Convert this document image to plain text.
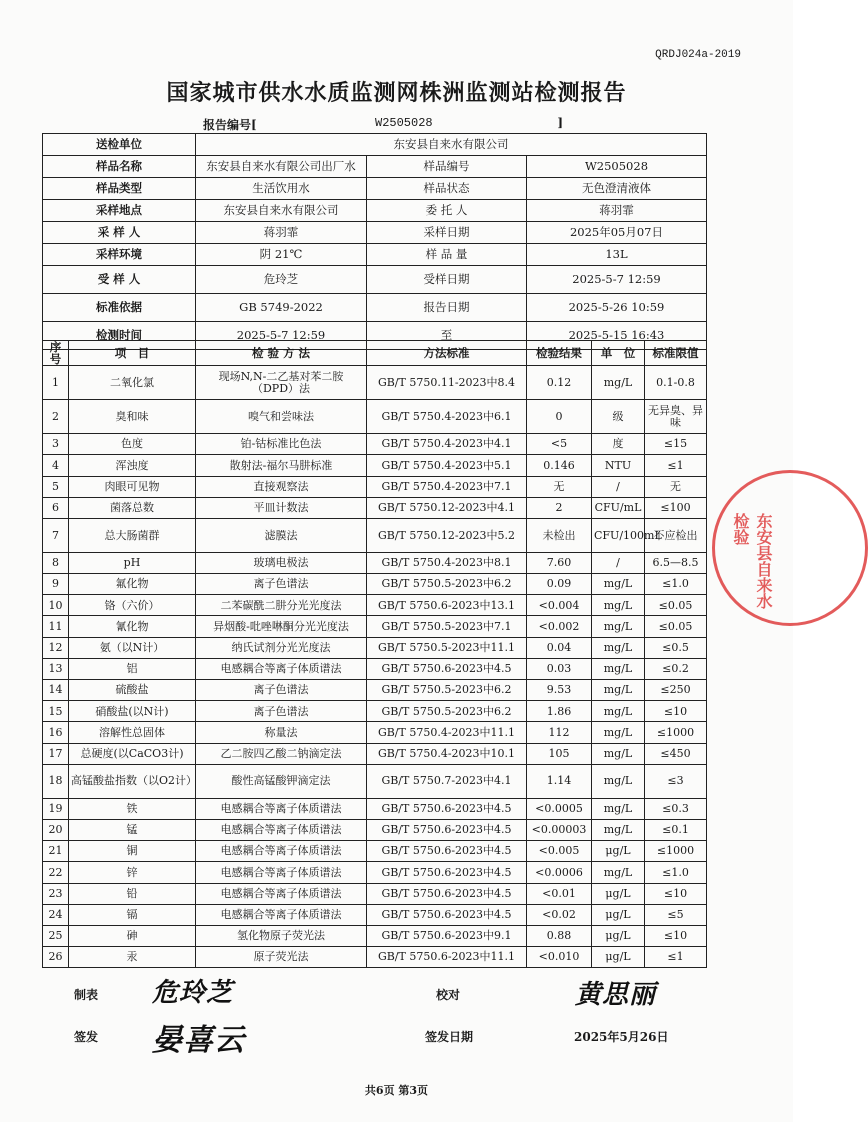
QRDJ024a-2019
国家城市供水水质监测网株洲监测站检测报告
报告编号[	W2505028	]
送检单位	东安县自来水有限公司		
样品名称	东安县自来水有限公司出厂水	样品编号	W2505028
样品类型	生活饮用水	样品状态	无色澄清液体
采样地点	东安县自来水有限公司	委 托 人	蒋羽霏
采 样 人	蒋羽霏	采样日期	2025年05月07日
采样环境	阴 21℃	样 品 量	13L
受 样 人	危玲芝	受样日期	2025-5-7 12:59
标准依据	GB 5749-2022	报告日期	2025-5-26 10:59
检测时间	2025-5-7 12:59	至	2025-5-15 16:43
序号	项　目	检 验 方 法	方法标准	检验结果	单　位	标准限值
1	二氧化氯	现场N,N-二乙基对苯二胺（DPD）法	GB/T 5750.11-2023中8.4	0.12	mg/L	0.1-0.8
2	臭和味	嗅气和尝味法	GB/T 5750.4-2023中6.1	0	级	无异臭、异味
3	色度	铂-钴标准比色法	GB/T 5750.4-2023中4.1	<5	度	≤15
4	浑浊度	散射法-福尔马肼标准	GB/T 5750.4-2023中5.1	0.146	NTU	≤1
5	肉眼可见物	直接观察法	GB/T 5750.4-2023中7.1	无	/	无
6	菌落总数	平皿计数法	GB/T 5750.12-2023中4.1	2	CFU/mL	≤100
7	总大肠菌群	滤膜法	GB/T 5750.12-2023中5.2	未检出	CFU/100mL	不应检出
8	pH	玻璃电极法	GB/T 5750.4-2023中8.1	7.60	/	6.5—8.5
9	氟化物	离子色谱法	GB/T 5750.5-2023中6.2	0.09	mg/L	≤1.0
10	铬（六价）	二苯碳酰二肼分光光度法	GB/T 5750.6-2023中13.1	<0.004	mg/L	≤0.05
11	氰化物	异烟酸-吡唑啉酮分光光度法	GB/T 5750.5-2023中7.1	<0.002	mg/L	≤0.05
12	氨（以N计）	纳氏试剂分光光度法	GB/T 5750.5-2023中11.1	0.04	mg/L	≤0.5
13	铝	电感耦合等离子体质谱法	GB/T 5750.6-2023中4.5	0.03	mg/L	≤0.2
14	硫酸盐	离子色谱法	GB/T 5750.5-2023中6.2	9.53	mg/L	≤250
15	硝酸盐(以N计)	离子色谱法	GB/T 5750.5-2023中6.2	1.86	mg/L	≤10
16	溶解性总固体	称量法	GB/T 5750.4-2023中11.1	112	mg/L	≤1000
17	总硬度(以CaCO3计)	乙二胺四乙酸二钠滴定法	GB/T 5750.4-2023中10.1	105	mg/L	≤450
18	高锰酸盐指数（以O2计）	酸性高锰酸钾滴定法	GB/T 5750.7-2023中4.1	1.14	mg/L	≤3
19	铁	电感耦合等离子体质谱法	GB/T 5750.6-2023中4.5	<0.0005	mg/L	≤0.3
20	锰	电感耦合等离子体质谱法	GB/T 5750.6-2023中4.5	<0.00003	mg/L	≤0.1
21	铜	电感耦合等离子体质谱法	GB/T 5750.6-2023中4.5	<0.005	μg/L	≤1000
22	锌	电感耦合等离子体质谱法	GB/T 5750.6-2023中4.5	<0.0006	mg/L	≤1.0
23	铅	电感耦合等离子体质谱法	GB/T 5750.6-2023中4.5	<0.01	μg/L	≤10
24	镉	电感耦合等离子体质谱法	GB/T 5750.6-2023中4.5	<0.02	μg/L	≤5
25	砷	氢化物原子荧光法	GB/T 5750.6-2023中9.1	0.88	μg/L	≤10
26	汞	原子荧光法	GB/T 5750.6-2023中11.1	<0.010	μg/L	≤1
东安县自来水检验
制表 危玲芝	校对	黄思丽
签发 晏喜云	签发日期	2025年5月26日
共6页 第3页
